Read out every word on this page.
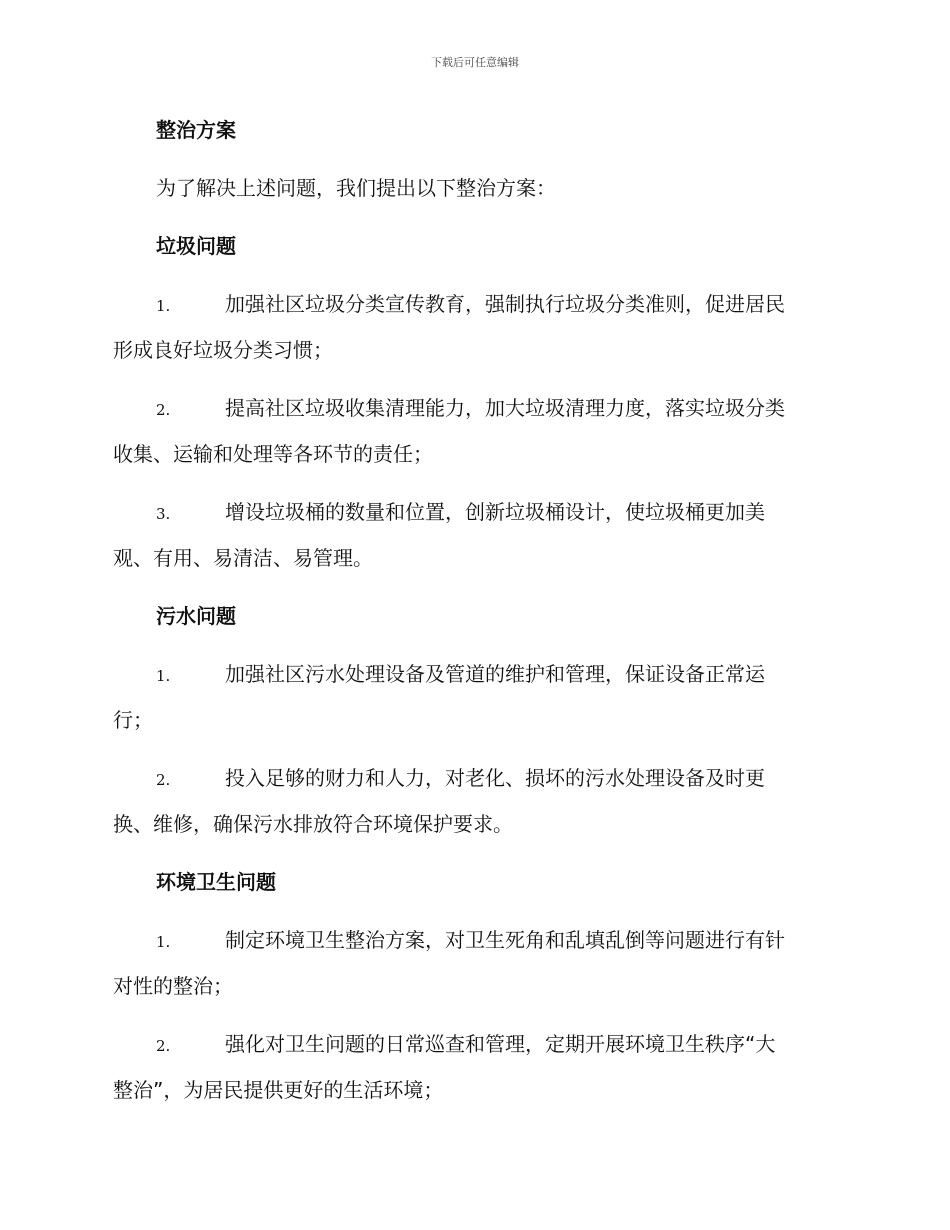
下载后可任意编辑
整治方案
为了解决上述问题，我们提出以下整治方案：
垃圾问题
1.	加强社区垃圾分类宣传教育，强制执行垃圾分类准则，促进居民
形成良好垃圾分类习惯；
2.	提高社区垃圾收集清理能力，加大垃圾清理力度，落实垃圾分类
收集、运输和处理等各环节的责任；
3.	增设垃圾桶的数量和位置，创新垃圾桶设计，使垃圾桶更加美
观、有用、易清洁、易管理。
污水问题
1.	加强社区污水处理设备及管道的维护和管理，保证设备正常运
行；
2.	投入足够的财力和人力，对老化、损坏的污水处理设备及时更
换、维修，确保污水排放符合环境保护要求。
环境卫生问题
1.	制定环境卫生整治方案，对卫生死角和乱填乱倒等问题进行有针
对性的整治；
2.	强化对卫生问题的日常巡查和管理，定期开展环境卫生秩序“大
整治”，为居民提供更好的生活环境；
